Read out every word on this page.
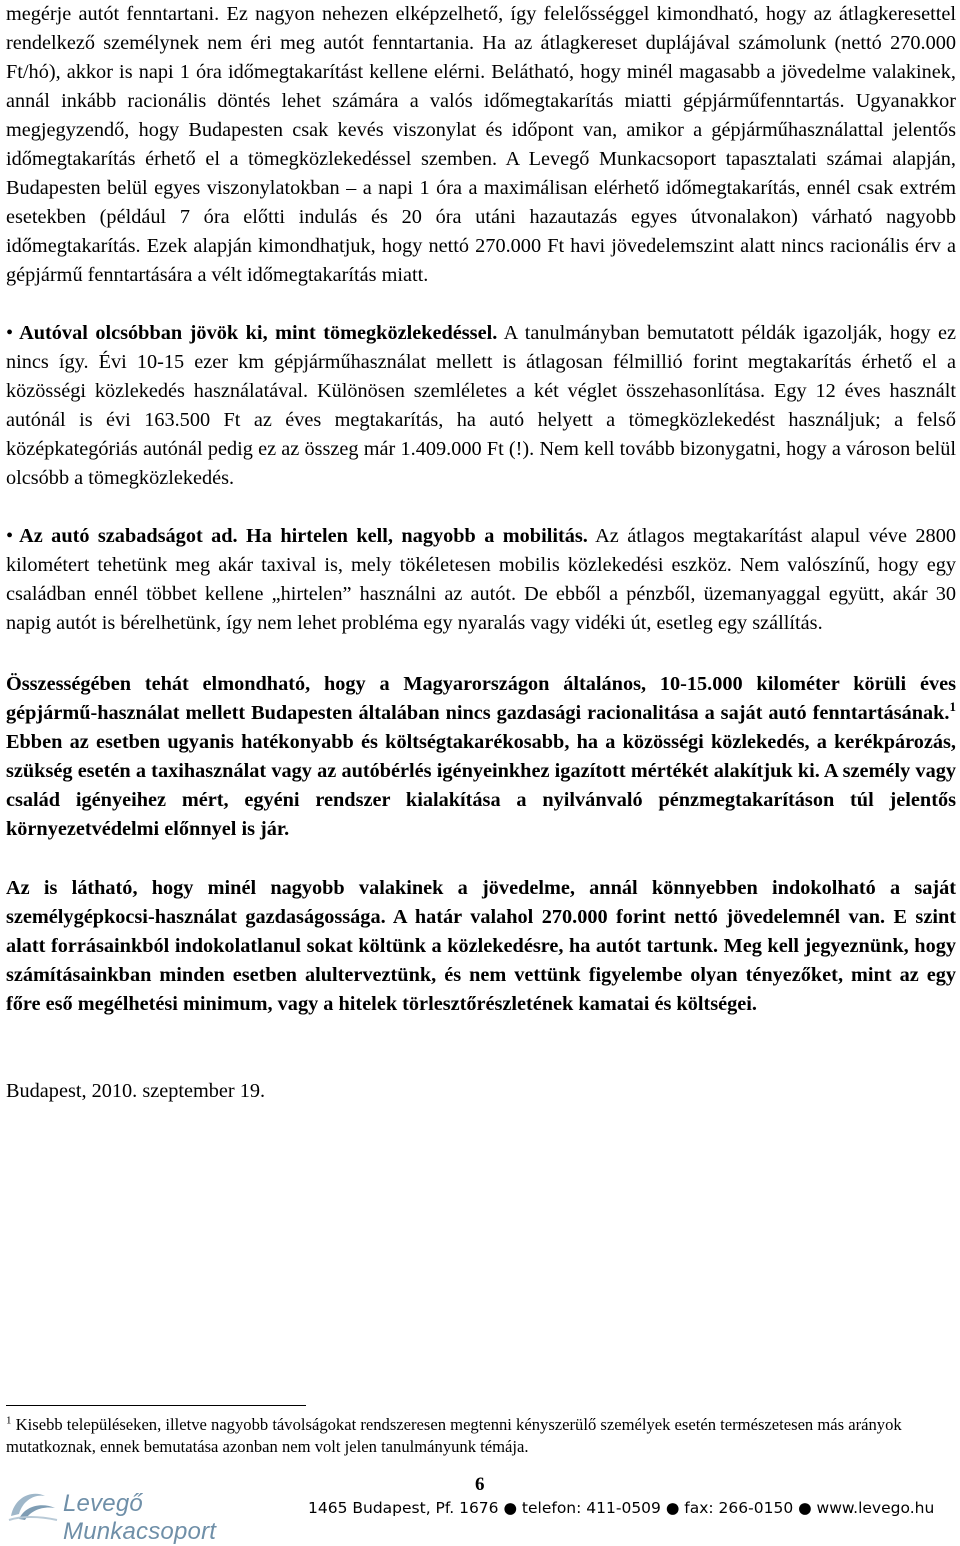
megérje autót fenntartani. Ez nagyon nehezen elképzelhető, így felelősséggel kimondható, hogy az átlagkeresettel rendelkező személynek nem éri meg autót fenntartania. Ha az átlagkereset duplájával számolunk (nettó 270.000 Ft/hó), akkor is napi 1 óra időmegtakarítást kellene elérni. Belátható, hogy minél magasabb a jövedelme valakinek, annál inkább racionális döntés lehet számára a valós időmegtakarítás miatti gépjárműfenntartás. Ugyanakkor megjegyzendő, hogy Budapesten csak kevés viszonylat és időpont van, amikor a gépjárműhasználattal jelentős időmegtakarítás érhető el a tömegközlekedéssel szemben. A Levegő Munkacsoport tapasztalati számai alapján, Budapesten belül egyes viszonylatokban – a napi 1 óra a maximálisan elérhető időmegtakarítás, ennél csak extrém esetekben (például 7 óra előtti indulás és 20 óra utáni hazautazás egyes útvonalakon) várható nagyobb időmegtakarítás. Ezek alapján kimondhatjuk, hogy nettó 270.000 Ft havi jövedelemszint alatt nincs racionális érv a gépjármű fenntartására a vélt időmegtakarítás miatt.

• Autóval olcsóbban jövök ki, mint tömegközlekedéssel. A tanulmányban bemutatott példák igazolják, hogy ez nincs így. Évi 10-15 ezer km gépjárműhasználat mellett is átlagosan félmillió forint megtakarítás érhető el a közösségi közlekedés használatával. Különösen szemléletes a két véglet összehasonlítása. Egy 12 éves használt autónál is évi 163.500 Ft az éves megtakarítás, ha autó helyett a tömegközlekedést használjuk; a felső középkategóriás autónál pedig ez az összeg már 1.409.000 Ft (!). Nem kell tovább bizonygatni, hogy a városon belül olcsóbb a tömegközlekedés.

• Az autó szabadságot ad. Ha hirtelen kell, nagyobb a mobilitás. Az átlagos megtakarítást alapul véve 2800 kilométert tehetünk meg akár taxival is, mely tökéletesen mobilis közlekedési eszköz. Nem valószínű, hogy egy családban ennél többet kellene „hirtelen” használni az autót. De ebből a pénzből, üzemanyaggal együtt, akár 30 napig autót is bérelhetünk, így nem lehet probléma egy nyaralás vagy vidéki út, esetleg egy szállítás.

Összességében tehát elmondható, hogy a Magyarországon általános, 10-15.000 kilométer körüli éves gépjármű-használat mellett Budapesten általában nincs gazdasági racionalitása a saját autó fenntartásának.$^1$ Ebben az esetben ugyanis hatékonyabb és költségtakarékosabb, ha a közösségi közlekedés, a kerékpározás, szükség esetén a taxihasználat vagy az autóbérlés igényeinkhez igazított mértékét alakítjuk ki. A személy vagy család igényeihez mért, egyéni rendszer kialakítása a nyilvánvaló pénzmegtakarításon túl jelentős környezetvédelmi előnnyel is jár.

Az is látható, hogy minél nagyobb valakinek a jövedelme, annál könnyebben indokolható a saját személygépkocsi-használat gazdaságossága. A határ valahol 270.000 forint nettó jövedelemnél van. E szint alatt forrásainkból indokolatlanul sokat költünk a közlekedésre, ha autót tartunk. Meg kell jegyeznünk, hogy számításainkban minden esetben alulterveztünk, és nem vettünk figyelembe olyan tényezőket, mint az egy főre eső megélhetési minimum, vagy a hitelek törlesztőrészletének kamatai és költségei.

Budapest, 2010. szeptember 19.

$^1$ Kisebb településeken, illetve nagyobb távolságokat rendszeresen megtenni kényszerülő személyek esetén természetesen más arányok mutatkoznak, ennek bemutatása azonban nem volt jelen tanulmányunk témája.
6
Levegő Munkacsoport
1465 Budapest, Pf. 1676 ● telefon: 411-0509 ● fax: 266-0150 ● www.levego.hu
